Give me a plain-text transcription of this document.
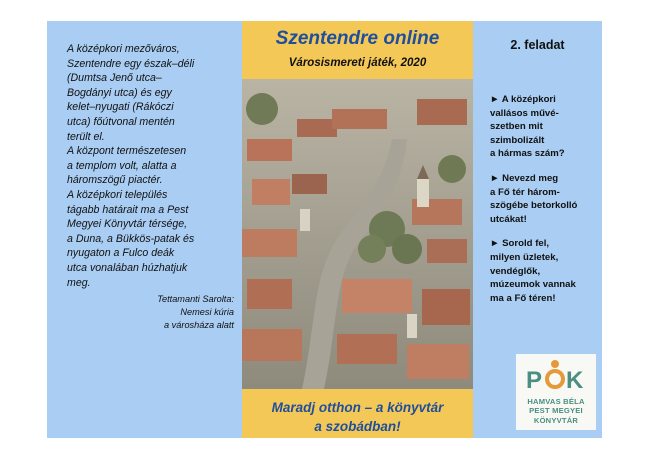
A középkori mezőváros,

Szentendre egy észak–déli

(Dumtsa Jenő utca–

Bogdányi utca) és egy

kelet–nyugati (Rákóczi

utca) főútvonal mentén

terült el.

A központ természetesen

a templom volt, alatta a

háromszögű piactér.

A középkori település

tágabb határait ma a Pest

Megyei Könyvtár térsége,

a Duna, a Bükkös-patak és

nyugaton a Fulco deák

utca vonalában húzhatjuk

meg.

Tettamanti Sarolta:

Nemesi kúria

a városháza alatt

Szentendre online
Városismereti játék, 2020

Maradj otthon – a könyvtár

a szobádban!

2. feladat

► A középkori
vallásos művé-
szetben mit
szimbolizált
a hármas szám?

► Nevezd meg
a Fő tér három-
szögébe betorkolló
utcákat!

► Sorold fel,
milyen üzletek,
vendéglők,
múzeumok vannak
ma a Fő téren!

P K

HAMVAS BÉLA

PEST MEGYEI

KÖNYVTÁR
